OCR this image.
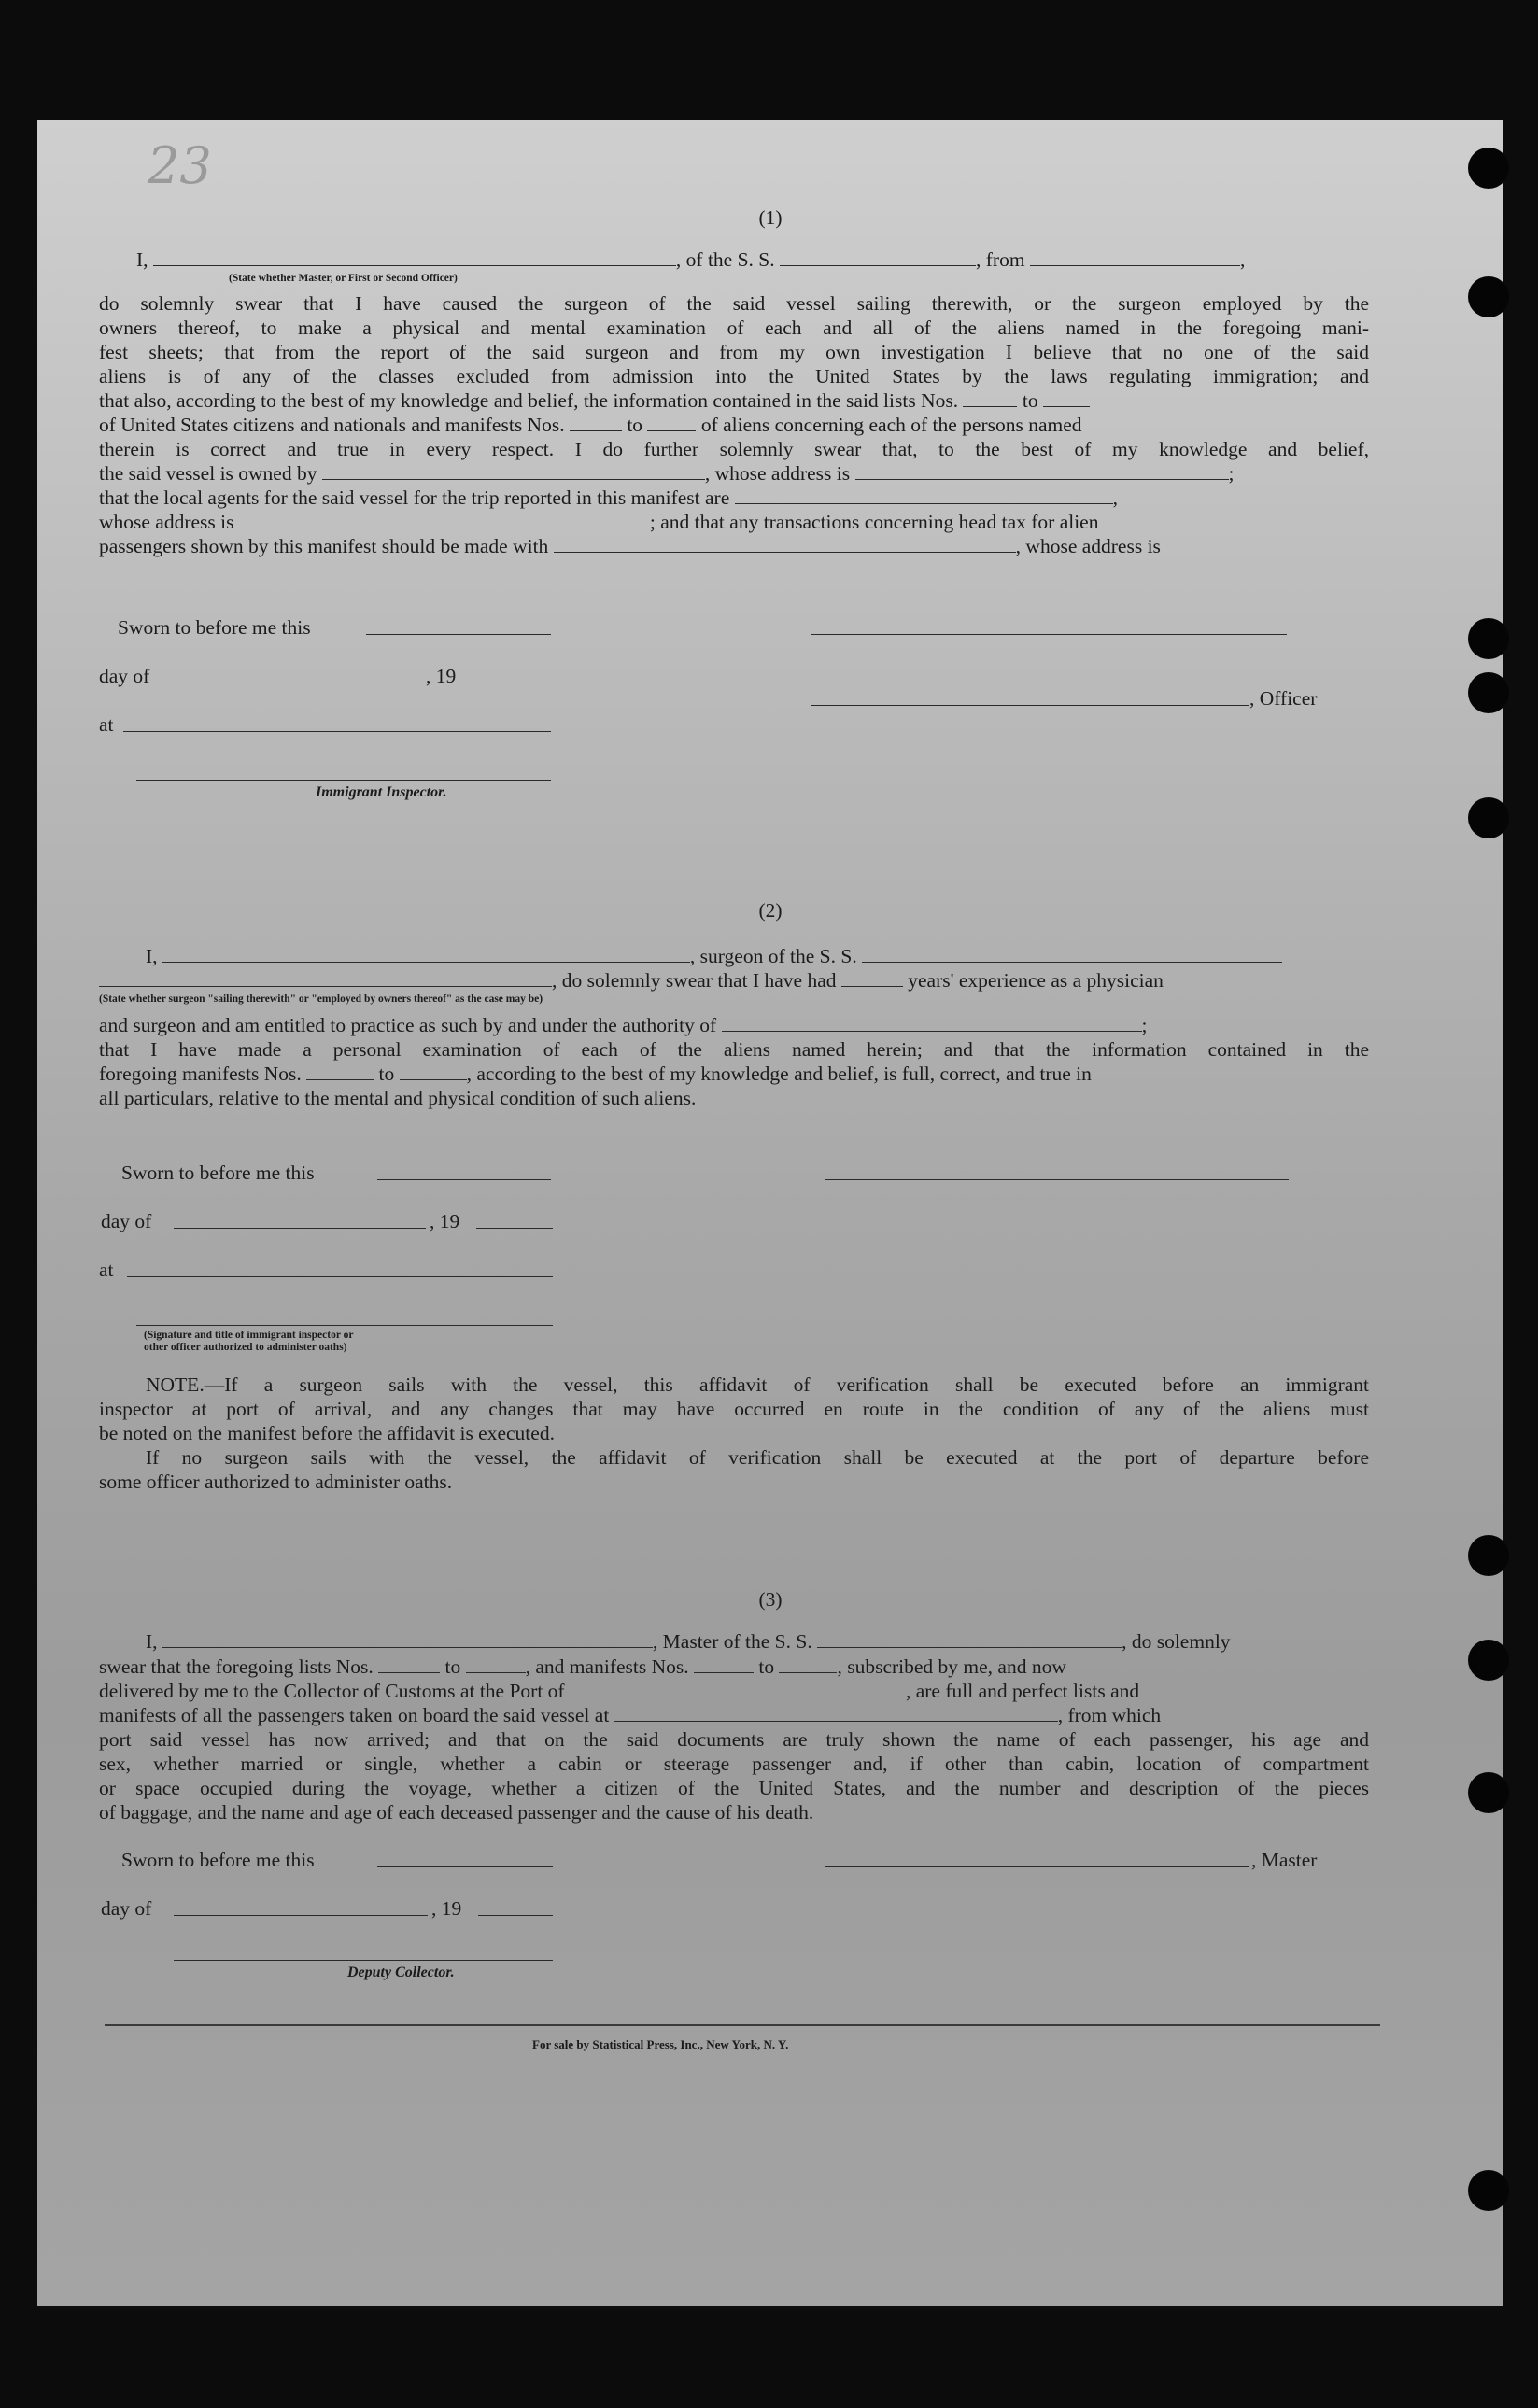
23
(1)
I,	, of the S. S.	, from	,
(State whether Master, or First or Second Officer)
do solemnly swear that I have caused the surgeon of the said vessel sailing therewith, or the surgeon employed by the
owners thereof, to make a physical and mental examination of each and all of the aliens named in the foregoing mani-
fest sheets; that from the report of the said surgeon and from my own investigation I believe that no one of the said
aliens is of any of the classes excluded from admission into the United States by the laws regulating immigration; and
that also, according to the best of my knowledge and belief, the information contained in the said lists Nos.	to
of United States citizens and nationals and manifests Nos.	to	of aliens concerning each of the persons named
therein is correct and true in every respect. I do further solemnly swear that, to the best of my knowledge and belief,
the said vessel is owned by	, whose address is	;
that the local agents for the said vessel for the trip reported in this manifest are	,
whose address is	; and that any transactions concerning head tax for alien
passengers shown by this manifest should be made with	, whose address is
Sworn to before me this
day of	, 19
, Officer
at
Immigrant Inspector.
(2)
I,	, surgeon of the S. S.
, do solemnly swear that I have had	years' experience as a physician
(State whether surgeon "sailing therewith" or "employed by owners thereof" as the case may be)
and surgeon and am entitled to practice as such by and under the authority of	;
that I have made a personal examination of each of the aliens named herein; and that the information contained in the
foregoing manifests Nos.	to	, according to the best of my knowledge and belief, is full, correct, and true in
all particulars, relative to the mental and physical condition of such aliens.
Sworn to before me this
day of	, 19
at
(Signature and title of immigrant inspector or
other officer authorized to administer oaths)
NOTE.—If a surgeon sails with the vessel, this affidavit of verification shall be executed before an immigrant
inspector at port of arrival, and any changes that may have occurred en route in the condition of any of the aliens must
be noted on the manifest before the affidavit is executed.
If no surgeon sails with the vessel, the affidavit of verification shall be executed at the port of departure before
some officer authorized to administer oaths.
(3)
I,	, Master of the S. S.	, do solemnly
swear that the foregoing lists Nos.	to	, and manifests Nos.	to	, subscribed by me, and now
delivered by me to the Collector of Customs at the Port of	, are full and perfect lists and
manifests of all the passengers taken on board the said vessel at	, from which
port said vessel has now arrived; and that on the said documents are truly shown the name of each passenger, his age and
sex, whether married or single, whether a cabin or steerage passenger and, if other than cabin, location of compartment
or space occupied during the voyage, whether a citizen of the United States, and the number and description of the pieces
of baggage, and the name and age of each deceased passenger and the cause of his death.
Sworn to before me this	, Master
day of	, 19
Deputy Collector.
For sale by Statistical Press, Inc., New York, N. Y.
